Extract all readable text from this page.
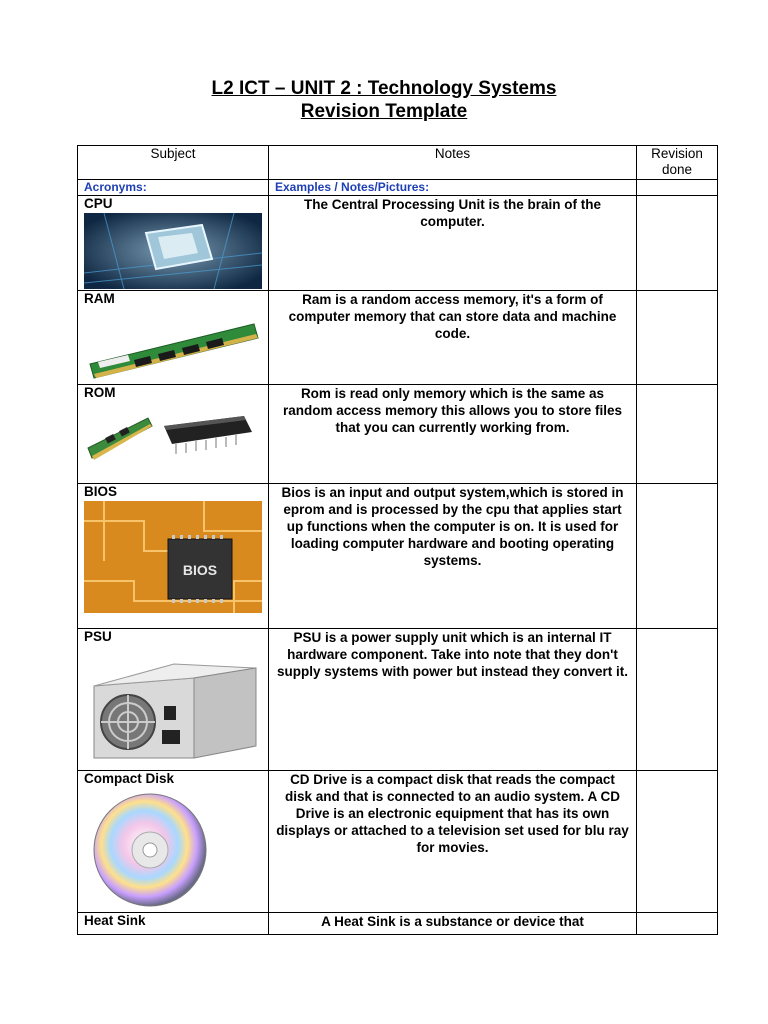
L2 ICT – UNIT 2 : Technology Systems
Revision Template
Subject	Notes	Revision done
Acronyms:	Examples / Notes/Pictures:	
CPU	The Central Processing Unit is the brain of the computer.	
RAM	Ram is a random access memory, it's a form of computer memory that can store data and machine code.	
ROM	Rom is read only memory which is the same as random access memory this allows you to store files that you can currently working from.	
BIOS
BIOS	Bios is an input and output system,which is stored in eprom and is processed by the cpu that applies start up functions when the computer is on. It is used for loading computer hardware and booting operating systems.	
PSU	PSU is a power supply unit which is an internal IT hardware component. Take into note that they don't supply systems with power but instead they convert it.	
Compact Disk	CD Drive is a compact disk that reads the compact disk and that is connected to an audio system. A CD Drive is an electronic equipment that has its own displays or attached to a television set used for blu ray for movies.	
Heat Sink	A Heat Sink is a substance or device that	
